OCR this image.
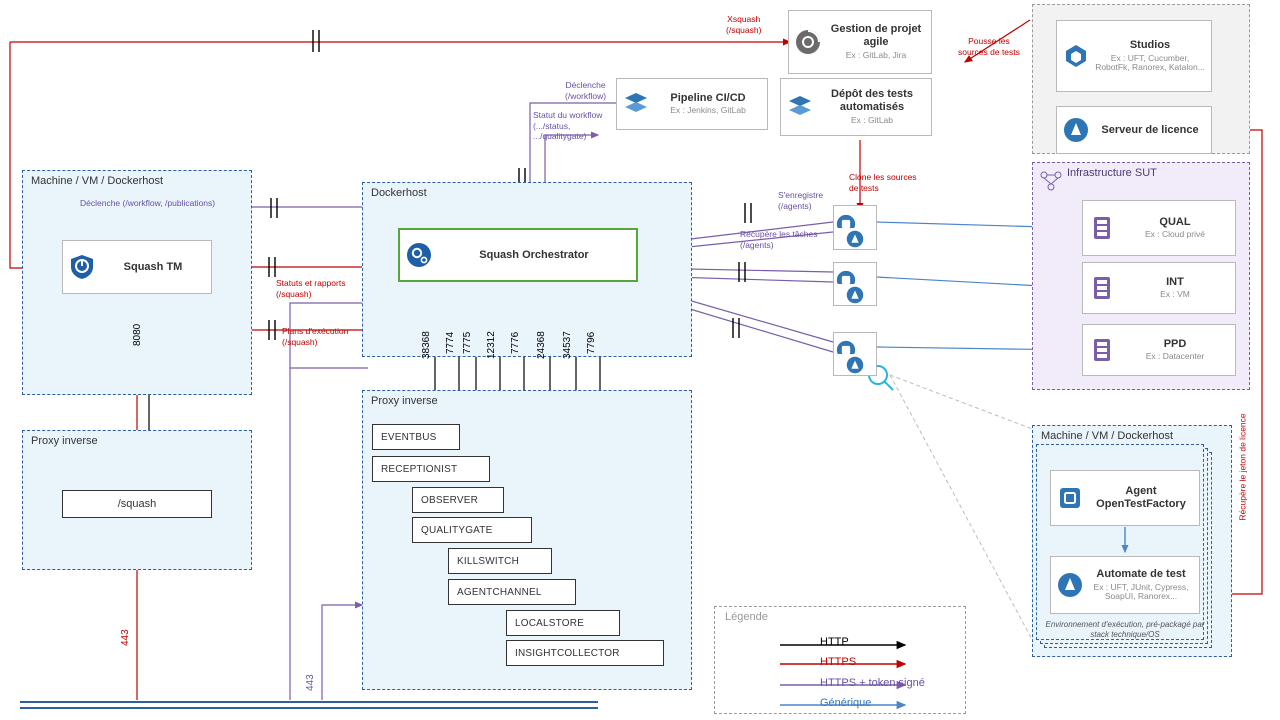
Machine / VM / Dockerhost
Proxy inverse
Dockerhost
Proxy inverse
Infrastructure SUT
Machine / VM / Dockerhost
Squash TM
Squash Orchestrator
Gestion de projet agile
Ex : GitLab, Jira
Pipeline CI/CD
Ex : Jenkins, GitLab
Dépôt des tests automatisés
Ex : GitLab
Studios
Ex : UFT, Cucumber, RobotFk, Ranorex, Katalon...
Serveur de licence
/squash
QUAL
Ex : Cloud privé
INT
Ex : VM
PPD
Ex : Datacenter
Agent OpenTestFactory
Automate de test
Ex : UFT, JUnit, Cypress, SoapUI, Ranorex...
Environnement d'exécution, pré-packagé par stack technique/OS
EVENTBUS
RECEPTIONIST
OBSERVER
QUALITYGATE
KILLSWITCH
AGENTCHANNEL
LOCALSTORE
INSIGHTCOLLECTOR
38368 7774 7775 12312 7776 24368 34537 7796
8080
443
443
Xsquash
(/squash)
Déclenche
(/workflow)
Statut du workflow
(.../status,
.../qualitygate)
Déclenche (/workflow, /publications)
Statuts et rapports
(/squash)
Plans d'exécution
(/squash)
Pousse les
sources de tests
Clone les sources
de tests
S'enregistre
(/agents)
Récupère les tâches
(/agents)
Récupère le jeton de licence
Légende
HTTP
HTTPS
HTTPS + token signé
Générique
